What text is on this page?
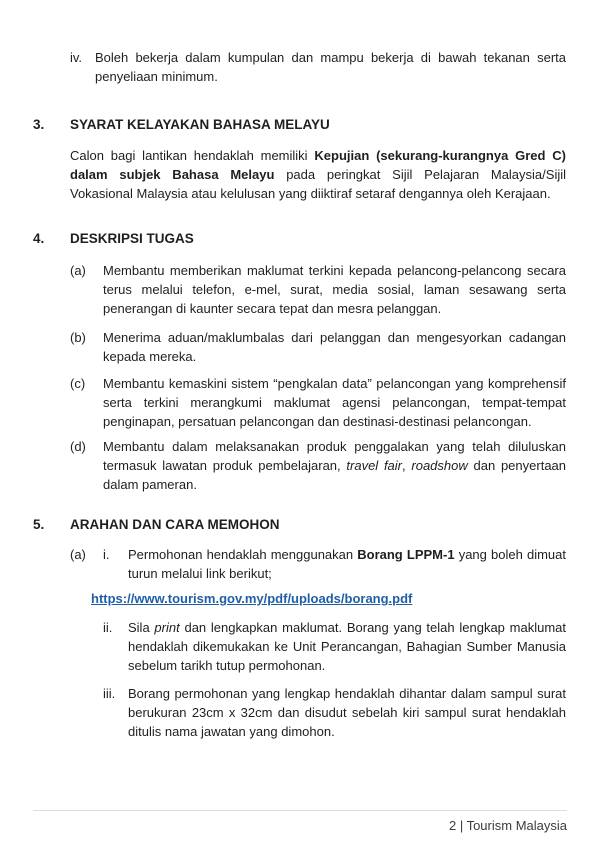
iv. Boleh bekerja dalam kumpulan dan mampu bekerja di bawah tekanan serta penyeliaan minimum.
3.	SYARAT KELAYAKAN BAHASA MELAYU
Calon bagi lantikan hendaklah memiliki Kepujian (sekurang-kurangnya Gred C) dalam subjek Bahasa Melayu pada peringkat Sijil Pelajaran Malaysia/Sijil Vokasional Malaysia atau kelulusan yang diiktiraf setaraf dengannya oleh Kerajaan.
4.	DESKRIPSI TUGAS
(a)	Membantu memberikan maklumat terkini kepada pelancong-pelancong secara terus melalui telefon, e-mel, surat, media sosial, laman sesawang serta penerangan di kaunter secara tepat dan mesra pelanggan.
(b)	Menerima aduan/maklumbalas dari pelanggan dan mengesyorkan cadangan kepada mereka.
(c)	Membantu kemaskini sistem “pengkalan data” pelancongan yang komprehensif serta terkini merangkumi maklumat agensi pelancongan, tempat-tempat penginapan, persatuan pelancongan dan destinasi-destinasi pelancongan.
(d)	Membantu dalam melaksanakan produk penggalakan yang telah diluluskan termasuk lawatan produk pembelajaran, travel fair, roadshow dan penyertaan dalam pameran.
5.	ARAHAN DAN CARA MEMOHON
(a)	i.	Permohonan hendaklah menggunakan Borang LPPM-1 yang boleh dimuat turun melalui link berikut;
https://www.tourism.gov.my/pdf/uploads/borang.pdf
ii.	Sila print dan lengkapkan maklumat. Borang yang telah lengkap maklumat hendaklah dikemukakan ke Unit Perancangan, Bahagian Sumber Manusia sebelum tarikh tutup permohonan.
iii. Borang permohonan yang lengkap hendaklah dihantar dalam sampul surat berukuran 23cm x 32cm dan disudut sebelah kiri sampul surat hendaklah ditulis nama jawatan yang dimohon.
2 | Tourism Malaysia
